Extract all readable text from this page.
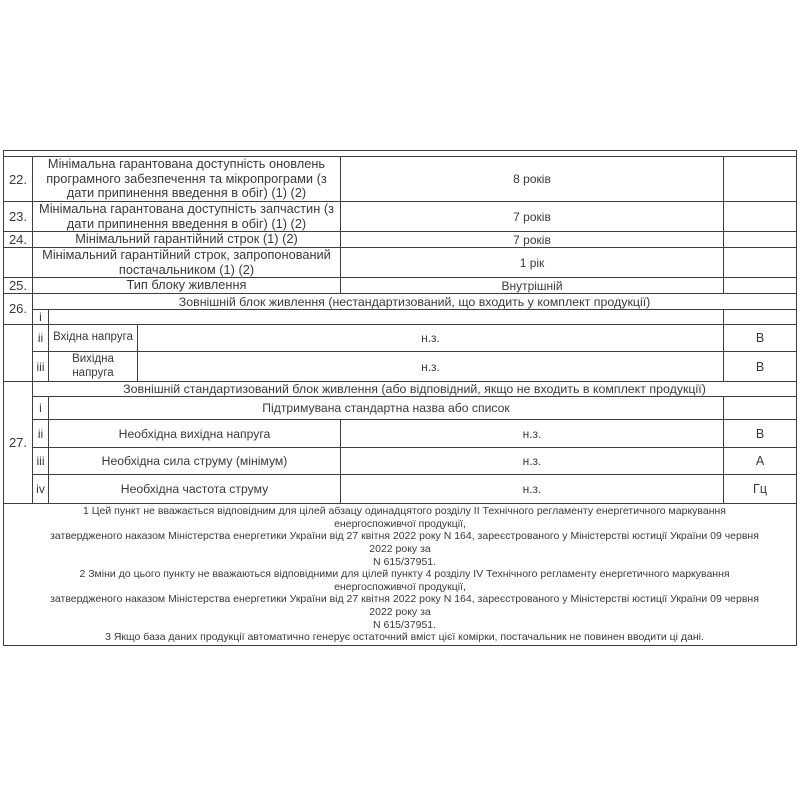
22.	Мінімальна гарантована доступність оновлень програмного забезпечення та мікропрограми (з дати припинення введення в обіг) (1) (2)			8 років	
23.	Мінімальна гарантована доступність запчастин (з дати припинення введення в обіг) (1) (2)			7 років	
24.	Мінімальний гарантійний строк (1) (2)			7 років	
	Мінімальний гарантійний строк, запропонований постачальником (1) (2)			1 рік	
25.	Тип блоку живлення			Внутрішній	
26.	Зовнішній блок живлення (нестандартизований, що входить у комплект продукції)				
	i				
	ii	Вхідна напруга	н.з.		В
	iii	Вихідна напруга	н.з.		В
27.	Зовнішній стандартизований блок живлення (або відповідний, якщо не входить в комплект продукції)				
	i	Підтримувана стандартна назва або список			
	ii	Необхідна вихідна напруга		н.з.	В
	iii	Необхідна сила струму (мінімум)		н.з.	А
	iv	Необхідна частота струму		н.з.	Гц

1 Цей пункт не вважається відповідним для цілей абзацу одинадцятого розділу II Технічного регламенту енергетичного маркування
енергоспоживчої продукції,
затвердженого наказом Міністерства енергетики України від 27 квітня 2022 року N 164, зареєстрованого у Міністерстві юстиції України 09 червня
2022 року за
N 615/37951.
2 Зміни до цього пункту не вважаються відповідними для цілей пункту 4 розділу IV Технічного регламенту енергетичного маркування
енергоспоживчої продукції,
затвердженого наказом Міністерства енергетики України від 27 квітня 2022 року N 164, зареєстрованого у Міністерстві юстиції України 09 червня
2022 року за
N 615/37951.
3 Якщо база даних продукції автоматично генерує остаточний вміст цієї комірки, постачальник не повинен вводити ці дані.
